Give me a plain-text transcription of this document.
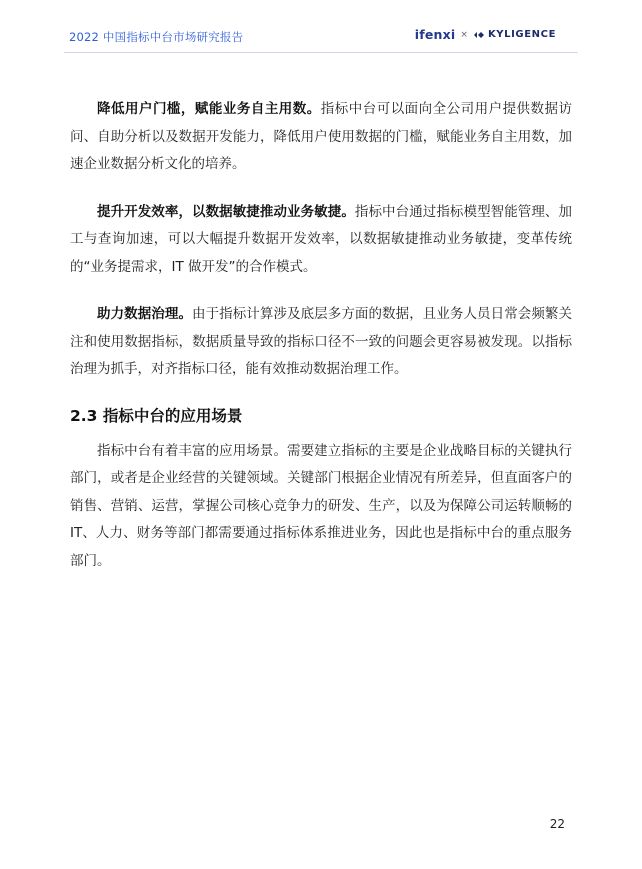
2022 中国指标中台市场研究报告	ifenxi × KYLIGENCE

降低用户门槛，赋能业务自主用数。指标中台可以面向全公司用户提供数据访问、自助分析以及数据开发能力，降低用户使用数据的门槛，赋能业务自主用数，加速企业数据分析文化的培养。

提升开发效率，以数据敏捷推动业务敏捷。指标中台通过指标模型智能管理、加工与查询加速，可以大幅提升数据开发效率，以数据敏捷推动业务敏捷，变革传统的“业务提需求，IT 做开发”的合作模式。

助力数据治理。由于指标计算涉及底层多方面的数据，且业务人员日常会频繁关注和使用数据指标，数据质量导致的指标口径不一致的问题会更容易被发现。以指标治理为抓手，对齐指标口径，能有效推动数据治理工作。

2.3 指标中台的应用场景

指标中台有着丰富的应用场景。需要建立指标的主要是企业战略目标的关键执行部门，或者是企业经营的关键领域。关键部门根据企业情况有所差异，但直面客户的销售、营销、运营，掌握公司核心竞争力的研发、生产，以及为保障公司运转顺畅的 IT、人力、财务等部门都需要通过指标体系推进业务，因此也是指标中台的重点服务部门。

22
